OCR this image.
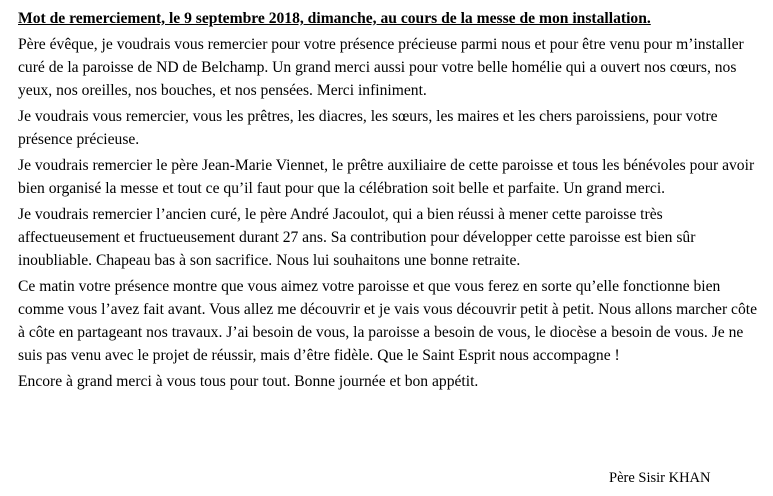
Mot de remerciement, le 9 septembre 2018, dimanche, au cours de la messe de mon installation.
Père évêque, je voudrais vous remercier pour votre présence précieuse parmi nous et pour être venu pour m’installer curé de la paroisse de ND de Belchamp. Un grand merci aussi pour votre belle homélie qui a ouvert nos cœurs, nos yeux, nos oreilles, nos bouches, et nos pensées. Merci infiniment.
Je voudrais vous remercier, vous les prêtres, les diacres, les sœurs, les maires et les chers paroissiens, pour votre présence précieuse.
Je voudrais remercier le père Jean-Marie Viennet, le prêtre auxiliaire de cette paroisse et tous les bénévoles pour avoir bien organisé la messe et tout ce qu’il faut pour que la célébration soit belle et parfaite. Un grand merci.
Je voudrais remercier l’ancien curé, le père André Jacoulot, qui a bien réussi à mener cette paroisse très affectueusement et fructueusement durant 27 ans. Sa contribution pour développer cette paroisse est bien sûr inoubliable. Chapeau bas à son sacrifice. Nous lui souhaitons une bonne retraite.
Ce matin votre présence montre que vous aimez votre paroisse et que vous ferez en sorte qu’elle fonctionne bien comme vous l’avez fait avant. Vous allez me découvrir et je vais vous découvrir petit à petit. Nous allons marcher côte à côte en partageant nos travaux. J’ai besoin de vous, la paroisse a besoin de vous, le diocèse a besoin de vous. Je ne suis pas venu avec le projet de réussir, mais d’être fidèle. Que le Saint Esprit nous accompagne !
Encore à grand merci à vous tous pour tout. Bonne journée et bon appétit.
Père Sisir KHAN
